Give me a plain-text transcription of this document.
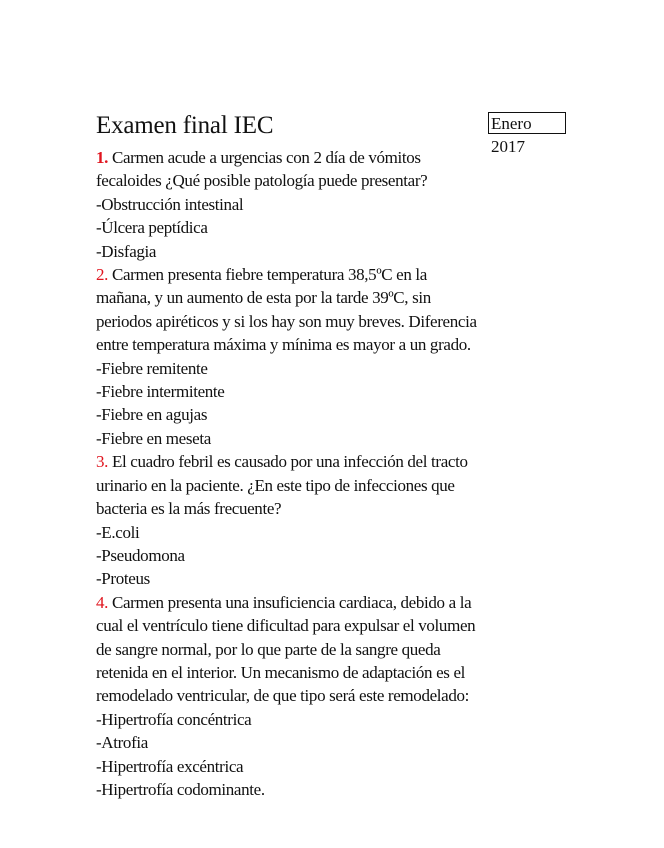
Examen final IEC	Enero
2017
1. Carmen acude a urgencias con 2 día de vómitos
fecaloides ¿Qué posible patología puede presentar?
-Obstrucción intestinal
-Úlcera peptídica
-Disfagia
2. Carmen presenta fiebre temperatura 38,5ºC en la
mañana, y un aumento de esta por la tarde 39ºC, sin
periodos apiréticos y si los hay son muy breves. Diferencia
entre temperatura máxima y mínima es mayor a un grado.
-Fiebre remitente
-Fiebre intermitente
-Fiebre en agujas
-Fiebre en meseta
3. El cuadro febril es causado por una infección del tracto
urinario en la paciente. ¿En este tipo de infecciones que
bacteria es la más frecuente?
-E.coli
-Pseudomona
-Proteus
4. Carmen presenta una insuficiencia cardiaca, debido a la
cual el ventrículo tiene dificultad para expulsar el volumen
de sangre normal, por lo que parte de la sangre queda
retenida en el interior. Un mecanismo de adaptación es el
remodelado ventricular, de que tipo será este remodelado:
-Hipertrofía concéntrica
-Atrofia
-Hipertrofía excéntrica
-Hipertrofía codominante.
